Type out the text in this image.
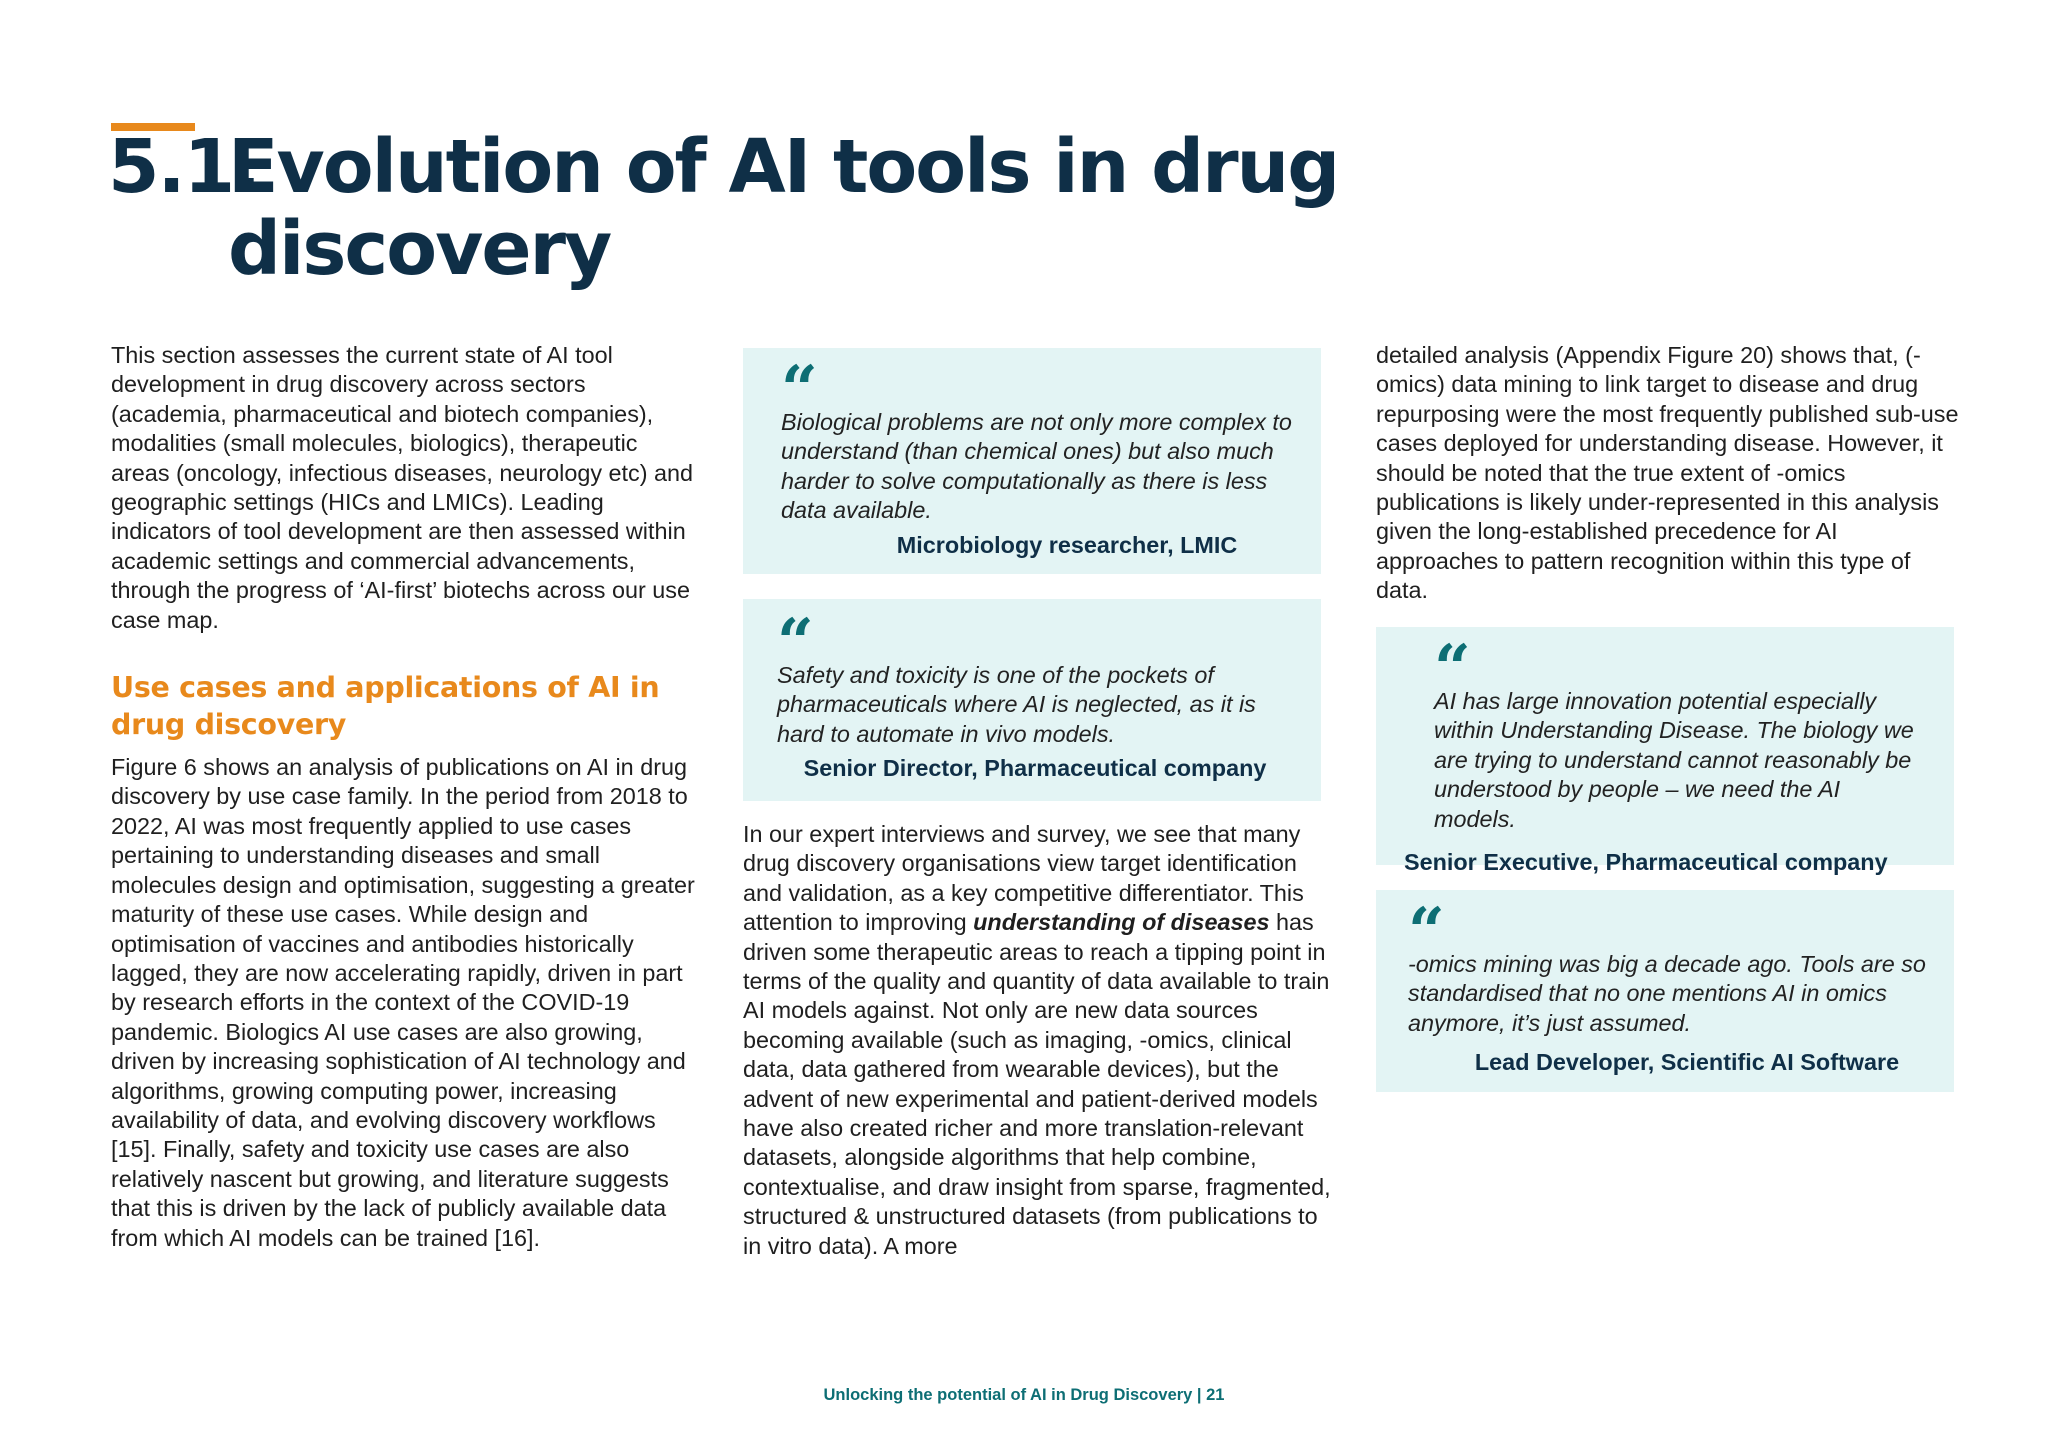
5.1.Evolution of AI tools in drug
discovery

This section assesses the current state of AI tool development in drug discovery across sectors (academia, pharmaceutical and biotech companies), modalities (small molecules, biologics), therapeutic areas (oncology, infectious diseases, neurology etc) and geographic settings (HICs and LMICs). Leading indicators of tool development are then assessed within academic settings and commercial advancements, through the progress of ‘AI-first’ biotechs across our use case map.

Use cases and applications of AI in drug discovery

Figure 6 shows an analysis of publications on AI in drug discovery by use case family. In the period from 2018 to 2022, AI was most frequently applied to use cases pertaining to understanding diseases and small molecules design and optimisation, suggesting a greater maturity of these use cases. While design and optimisation of vaccines and antibodies historically lagged, they are now accelerating rapidly, driven in part by research efforts in the context of the COVID-19 pandemic. Biologics AI use cases are also growing, driven by increasing sophistication of AI technology and algorithms, growing computing power, increasing availability of data, and evolving discovery workflows [15]. Finally, safety and toxicity use cases are also relatively nascent but growing, and literature suggests that this is driven by the lack of publicly available data from which AI models can be trained [16].

“

Biological problems are not only more complex to understand (than chemical ones) but also much harder to solve computationally as there is less data available.

Microbiology researcher, LMIC
“

Safety and toxicity is one of the pockets of pharmaceuticals where AI is neglected, as it is hard to automate in vivo models.

Senior Director, Pharmaceutical company

In our expert interviews and survey, we see that many drug discovery organisations view target identification and validation, as a key competitive differentiator. This attention to improving understanding of diseases has driven some therapeutic areas to reach a tipping point in terms of the quality and quantity of data available to train AI models against. Not only are new data sources becoming available (such as imaging, -omics, clinical data, data gathered from wearable devices), but the advent of new experimental and patient-derived models have also created richer and more translation-relevant datasets, alongside algorithms that help combine, contextualise, and draw insight from sparse, fragmented, structured & unstructured datasets (from publications to in vitro data). A more

detailed analysis (Appendix Figure 20) shows that, (-omics) data mining to link target to disease and drug repurposing were the most frequently published sub-use cases deployed for understanding disease. However, it should be noted that the true extent of -omics publications is likely under-represented in this analysis given the long-established precedence for AI approaches to pattern recognition within this type of data.

“

AI has large innovation potential especially within Understanding Disease. The biology we are trying to understand cannot reasonably be understood by people – we need the AI models.

Senior Executive, Pharmaceutical company
“

-omics mining was big a decade ago. Tools are so standardised that no one mentions AI in omics anymore, it’s just assumed.

Lead Developer, Scientific AI Software
Unlocking the potential of AI in Drug Discovery | 21
